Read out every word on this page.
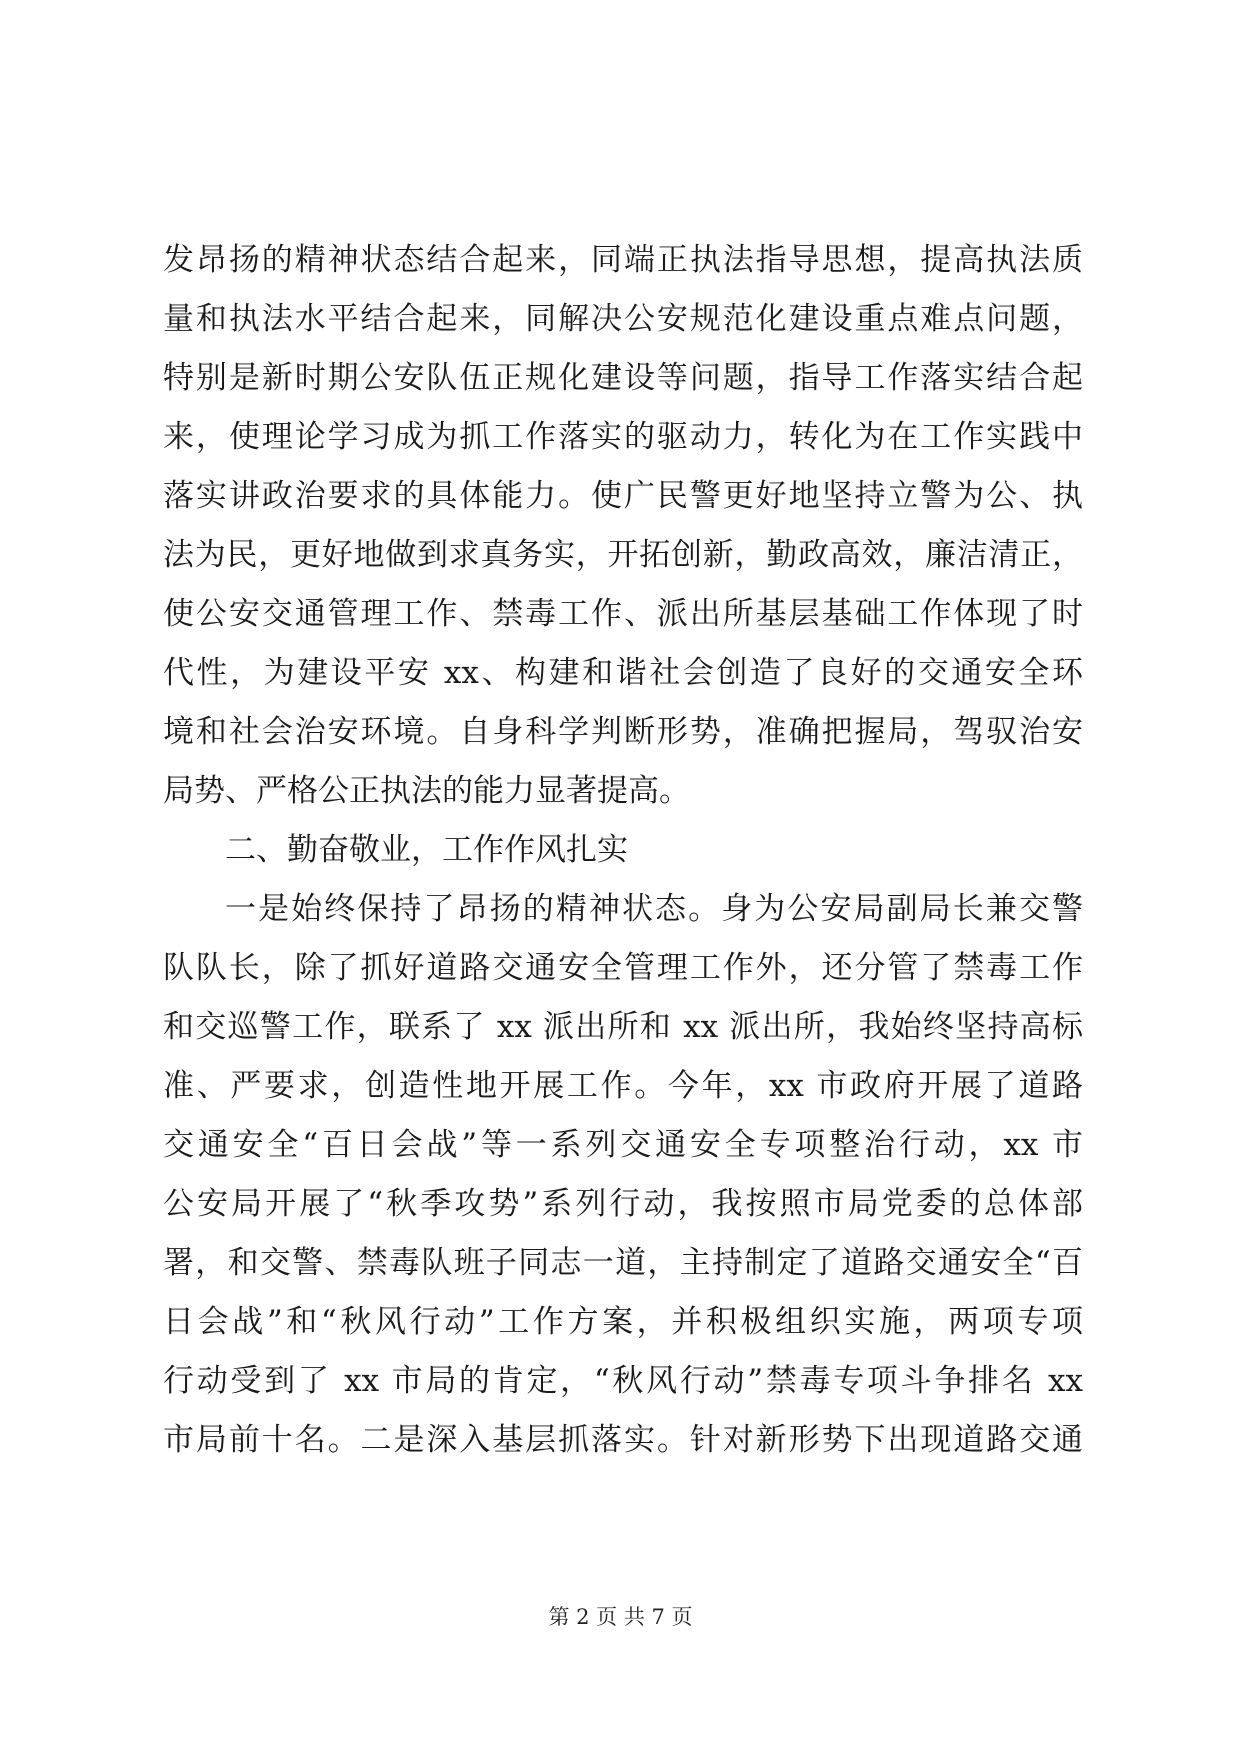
发昂扬的精神状态结合起来，同端正执法指导思想，提高执法质
量和执法水平结合起来，同解决公安规范化建设重点难点问题，
特别是新时期公安队伍正规化建设等问题，指导工作落实结合起
来，使理论学习成为抓工作落实的驱动力，转化为在工作实践中
落实讲政治要求的具体能力。使广民警更好地坚持立警为公、执
法为民，更好地做到求真务实，开拓创新，勤政高效，廉洁清正，
使公安交通管理工作、禁毒工作、派出所基层基础工作体现了时
代性，为建设平安 xx、构建和谐社会创造了良好的交通安全环
境和社会治安环境。自身科学判断形势，准确把握局，驾驭治安
局势、严格公正执法的能力显著提高。
二、勤奋敬业，工作作风扎实
一是始终保持了昂扬的精神状态。身为公安局副局长兼交警
队队长，除了抓好道路交通安全管理工作外，还分管了禁毒工作
和交巡警工作，联系了 xx 派出所和 xx 派出所，我始终坚持高标
准、严要求，创造性地开展工作。今年，xx 市政府开展了道路
交通安全“百日会战”等一系列交通安全专项整治行动，xx 市
公安局开展了“秋季攻势”系列行动，我按照市局党委的总体部
署，和交警、禁毒队班子同志一道，主持制定了道路交通安全“百
日会战”和“秋风行动”工作方案，并积极组织实施，两项专项
行动受到了 xx 市局的肯定，“秋风行动”禁毒专项斗争排名 xx
市局前十名。二是深入基层抓落实。针对新形势下出现道路交通
第 2 页 共 7 页
